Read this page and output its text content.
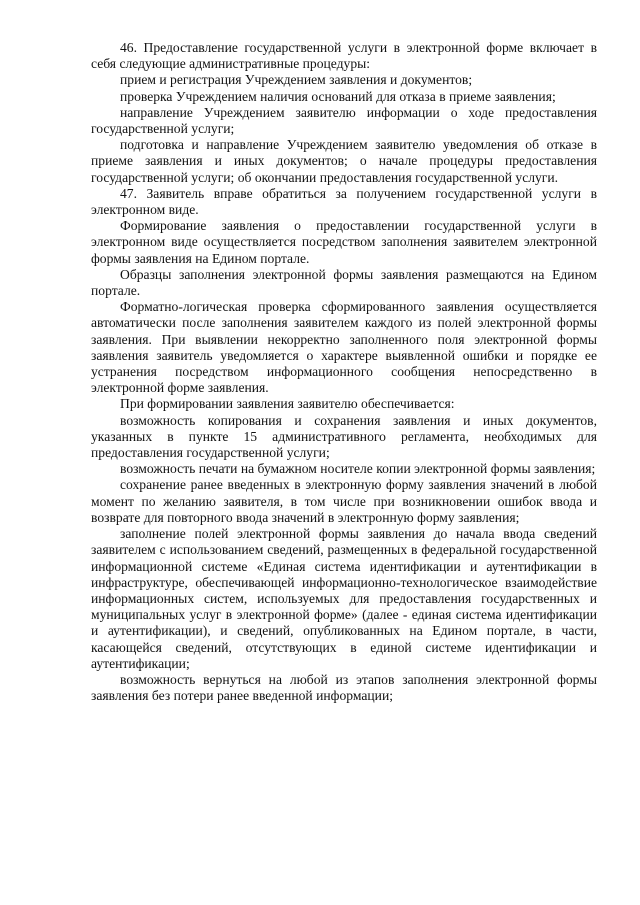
46. Предоставление государственной услуги в электронной форме включает в себя следующие административные процедуры:

прием и регистрация Учреждением заявления и документов;

проверка Учреждением наличия оснований для отказа в приеме заявления;

направление Учреждением заявителю информации о ходе предоставления государственной услуги;

подготовка и направление Учреждением заявителю уведомления об отказе в приеме заявления и иных документов; о начале процедуры предоставления государственной услуги; об окончании предоставления государственной услуги.

47. Заявитель вправе обратиться за получением государственной услуги в электронном виде.

Формирование заявления о предоставлении государственной услуги в электронном виде осуществляется посредством заполнения заявителем электронной формы заявления на Едином портале.

Образцы заполнения электронной формы заявления размещаются на Едином портале.

Форматно-логическая проверка сформированного заявления осуществляется автоматически после заполнения заявителем каждого из полей электронной формы заявления. При выявлении некорректно заполненного поля электронной формы заявления заявитель уведомляется о характере выявленной ошибки и порядке ее устранения посредством информационного сообщения непосредственно в электронной форме заявления.

При формировании заявления заявителю обеспечивается:

возможность копирования и сохранения заявления и иных документов, указанных в пункте 15 административного регламента, необходимых для предоставления государственной услуги;

возможность печати на бумажном носителе копии электронной формы заявления;

сохранение ранее введенных в электронную форму заявления значений в любой момент по желанию заявителя, в том числе при возникновении ошибок ввода и возврате для повторного ввода значений в электронную форму заявления;

заполнение полей электронной формы заявления до начала ввода сведений заявителем с использованием сведений, размещенных в федеральной государственной информационной системе «Единая система идентификации и аутентификации в инфраструктуре, обеспечивающей информационно-технологическое взаимодействие информационных систем, используемых для предоставления государственных и муниципальных услуг в электронной форме» (далее - единая система идентификации и аутентификации), и сведений, опубликованных на Едином портале, в части, касающейся сведений, отсутствующих в единой системе идентификации и аутентификации;

возможность вернуться на любой из этапов заполнения электронной формы заявления без потери ранее введенной информации;
